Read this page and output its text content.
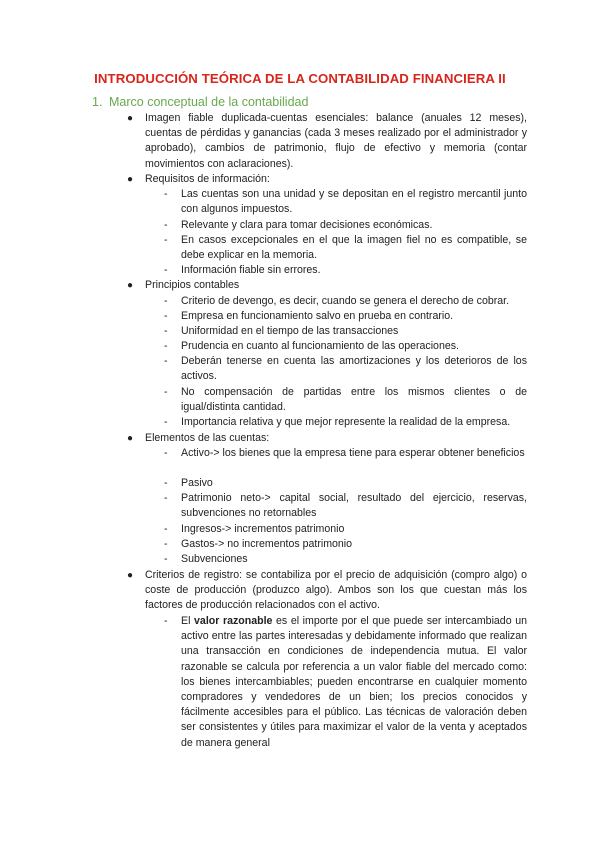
INTRODUCCIÓN TEÓRICA DE LA CONTABILIDAD FINANCIERA II
1. Marco conceptual de la contabilidad
● Imagen fiable duplicada-cuentas esenciales: balance (anuales 12 meses), cuentas de pérdidas y ganancias (cada 3 meses realizado por el administrador y aprobado), cambios de patrimonio, flujo de efectivo y memoria (contar movimientos con aclaraciones).
● Requisitos de información:
- Las cuentas son una unidad y se depositan en el registro mercantil junto con algunos impuestos.
- Relevante y clara para tomar decisiones económicas.
- En casos excepcionales en el que la imagen fiel no es compatible, se debe explicar en la memoria.
- Información fiable sin errores.
● Principios contables
- Criterio de devengo, es decir, cuando se genera el derecho de cobrar.
- Empresa en funcionamiento salvo en prueba en contrario.
- Uniformidad en el tiempo de las transacciones
- Prudencia en cuanto al funcionamiento de las operaciones.
- Deberán tenerse en cuenta las amortizaciones y los deterioros de los activos.
- No compensación de partidas entre los mismos clientes o de igual/distinta cantidad.
- Importancia relativa y que mejor represente la realidad de la empresa.
● Elementos de las cuentas:
- Activo-> los bienes que la empresa tiene para esperar obtener beneficios
- Pasivo
- Patrimonio neto-> capital social, resultado del ejercicio, reservas, subvenciones no retornables
- Ingresos-> incrementos patrimonio
- Gastos-> no incrementos patrimonio
- Subvenciones
● Criterios de registro: se contabiliza por el precio de adquisición (compro algo) o coste de producción (produzco algo). Ambos son los que cuestan más los factores de producción relacionados con el activo.
- El valor razonable es el importe por el que puede ser intercambiado un activo entre las partes interesadas y debidamente informado que realizan una transacción en condiciones de independencia mutua. El valor razonable se calcula por referencia a un valor fiable del mercado como: los bienes intercambiables; pueden encontrarse en cualquier momento compradores y vendedores de un bien; los precios conocidos y fácilmente accesibles para el público. Las técnicas de valoración deben ser consistentes y útiles para maximizar el valor de la venta y aceptados de manera general
